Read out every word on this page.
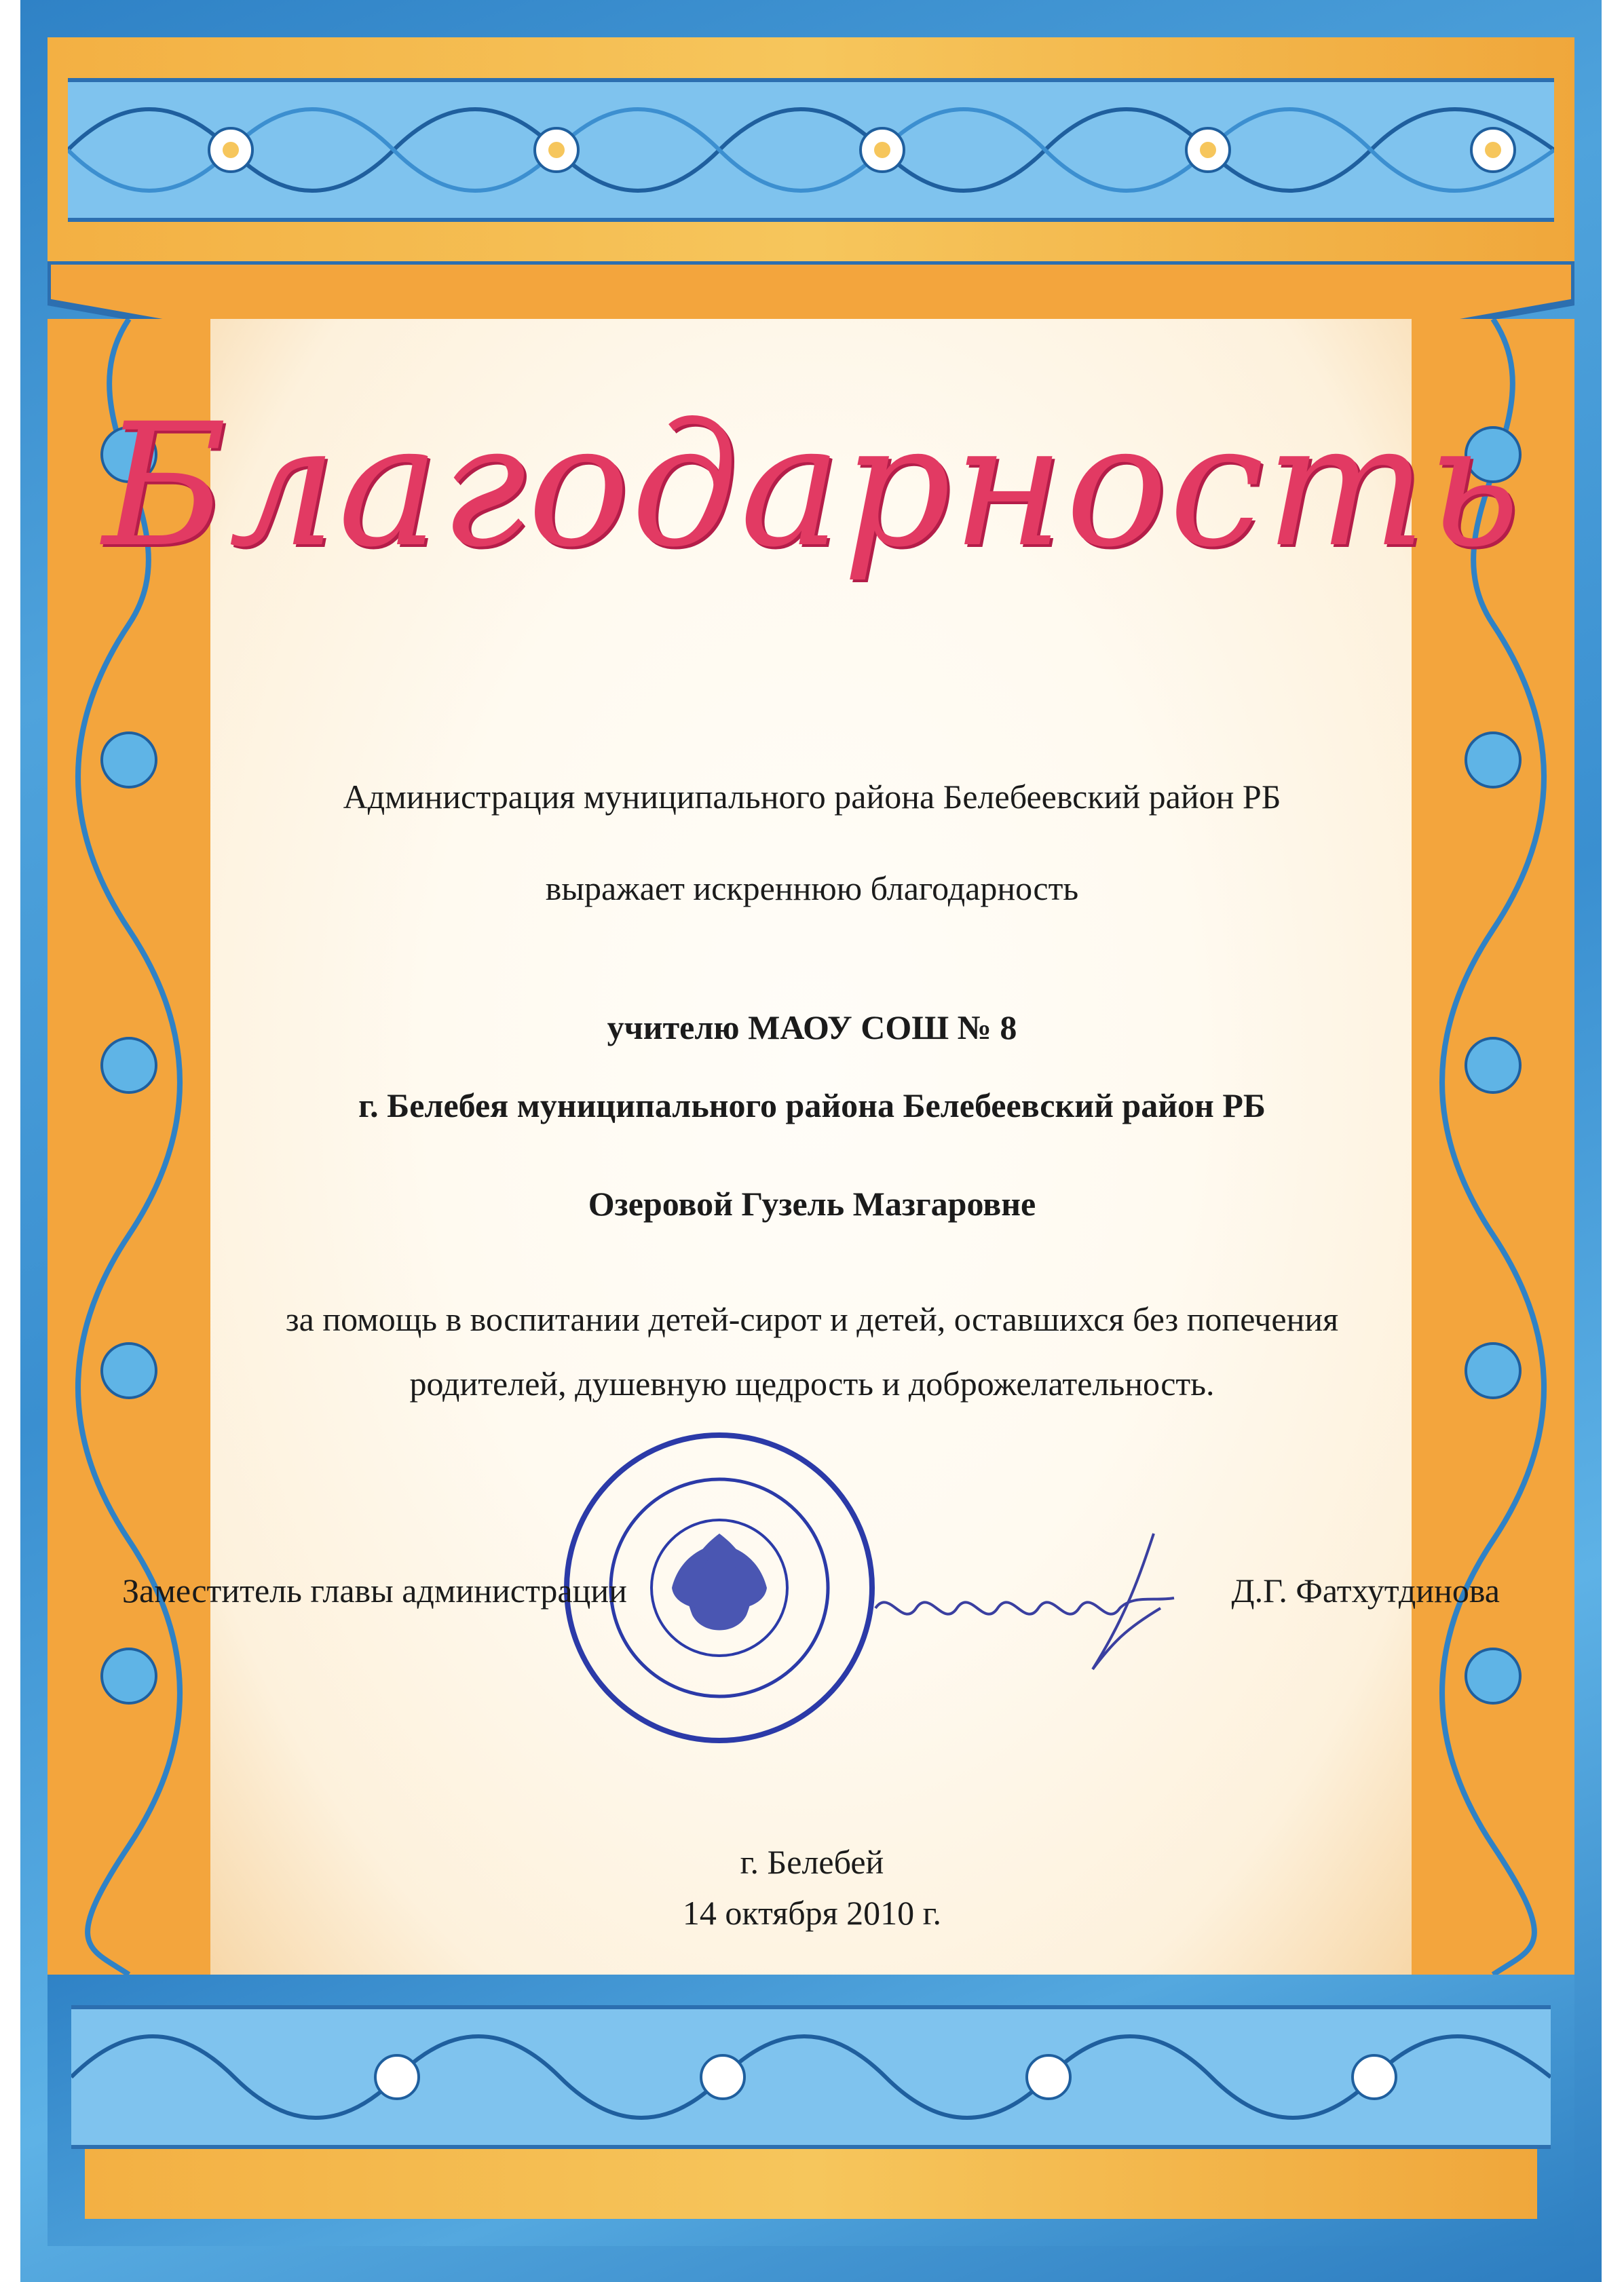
Благодарность
Администрация муниципального района Белебеевский район РБ
выражает искреннюю благодарность
учителю МАОУ СОШ № 8
г. Белебея муниципального района Белебеевский район РБ
Озеровой Гузель Мазгаровне
за помощь в воспитании детей-сирот и детей, оставшихся без попечения
родителей, душевную щедрость и доброжелательность.
Заместитель главы администрации	Д.Г. Фатхутдинова
г. Белебей
14 октября 2010 г.
